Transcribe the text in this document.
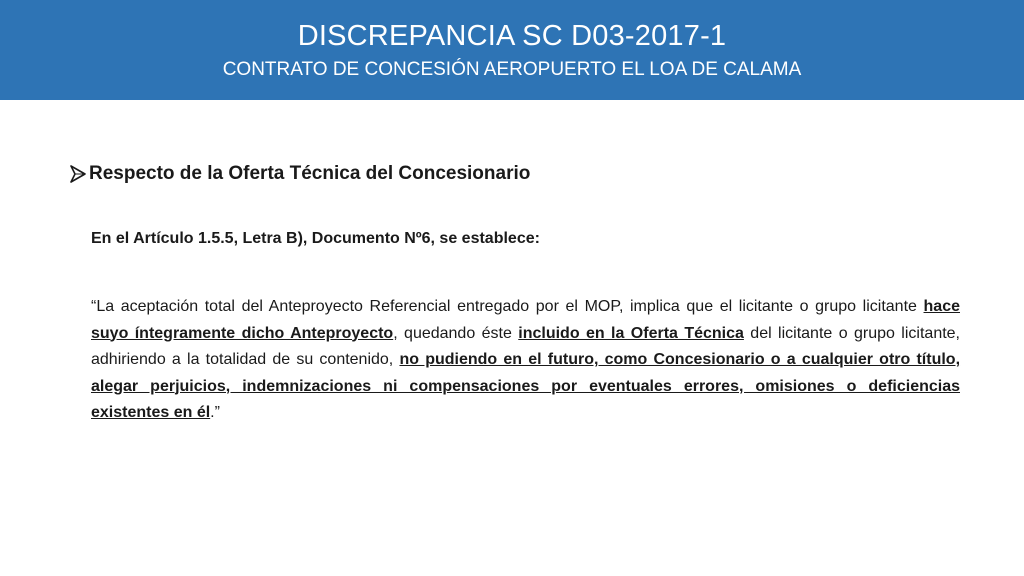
DISCREPANCIA SC D03-2017-1
CONTRATO DE CONCESIÓN AEROPUERTO EL LOA DE CALAMA
Respecto de la Oferta Técnica del Concesionario
En el Artículo 1.5.5, Letra B), Documento Nº6, se establece:
“La aceptación total del Anteproyecto Referencial entregado por el MOP, implica que el licitante o grupo licitante hace suyo íntegramente dicho Anteproyecto, quedando éste incluido en la Oferta Técnica del licitante o grupo licitante, adhiriendo a la totalidad de su contenido, no pudiendo en el futuro, como Concesionario o a cualquier otro título, alegar perjuicios, indemnizaciones ni compensaciones por eventuales errores, omisiones o deficiencias existentes en él.”
